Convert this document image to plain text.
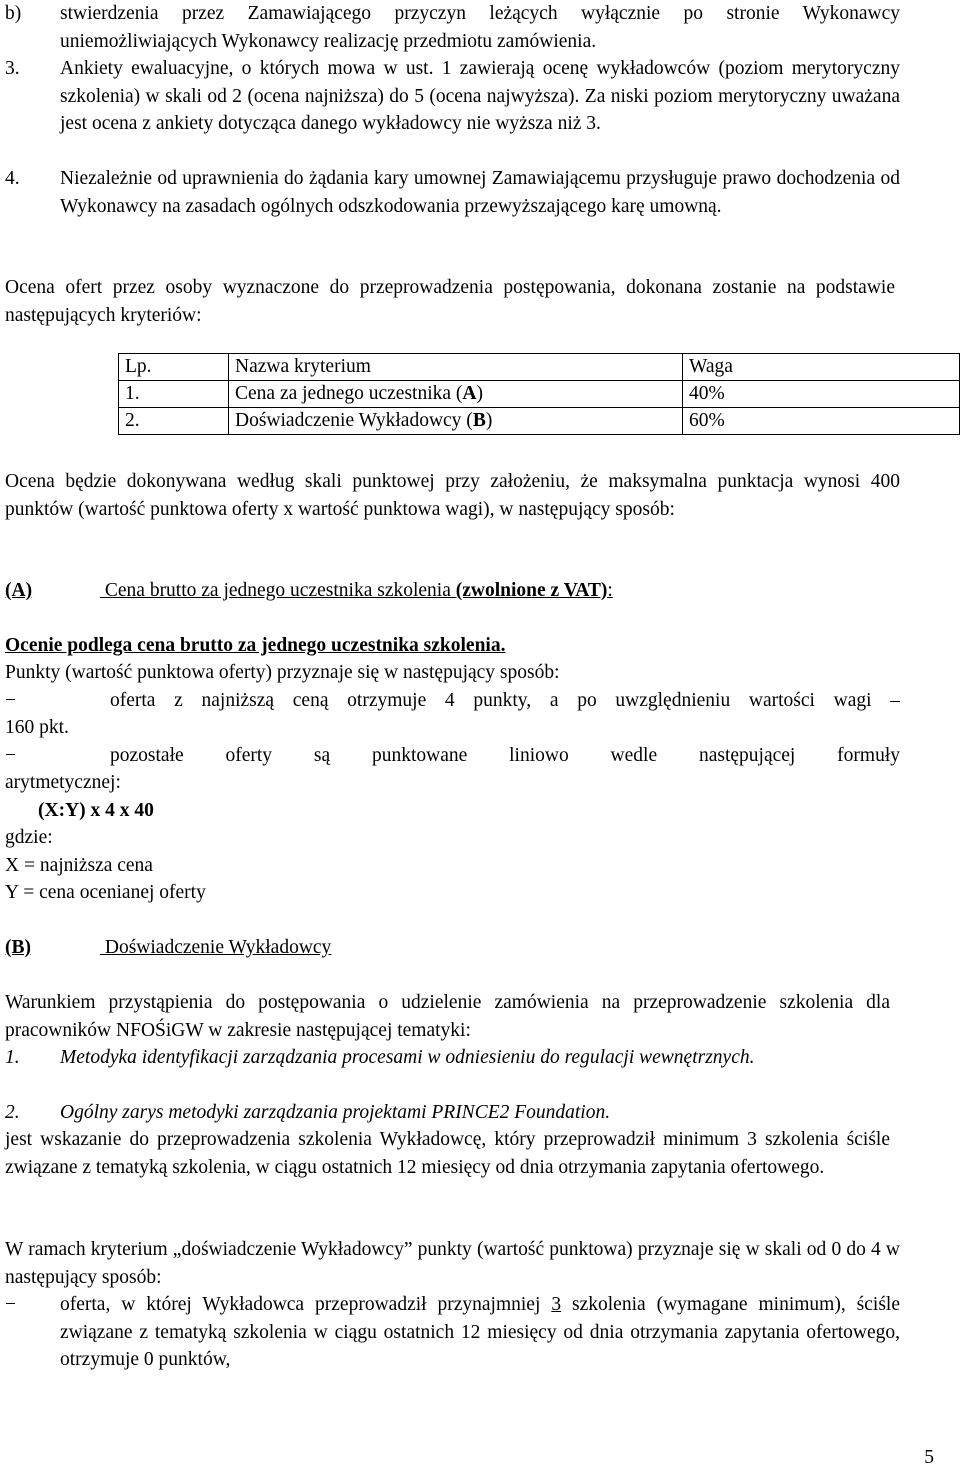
b) stwierdzenia przez Zamawiającego przyczyn leżących wyłącznie po stronie Wykonawcy uniemożliwiających Wykonawcy realizację przedmiotu zamówienia.
3. Ankiety ewaluacyjne, o których mowa w ust. 1 zawierają ocenę wykładowców (poziom merytoryczny szkolenia) w skali od 2 (ocena najniższa) do 5 (ocena najwyższa). Za niski poziom merytoryczny uważana jest ocena z ankiety dotycząca danego wykładowcy nie wyższa niż 3.
4. Niezależnie od uprawnienia do żądania kary umownej Zamawiającemu przysługuje prawo dochodzenia od Wykonawcy na zasadach ogólnych odszkodowania przewyższającego karę umowną.
Ocena ofert przez osoby wyznaczone do przeprowadzenia postępowania, dokonana zostanie na podstawie następujących kryteriów:
Lp.	Nazwa kryterium	Waga
1.	Cena za jednego uczestnika (A)	40%
2.	Doświadczenie Wykładowcy (B)	60%
Ocena będzie dokonywana według skali punktowej przy założeniu, że maksymalna punktacja wynosi 400 punktów (wartość punktowa oferty x wartość punktowa wagi), w następujący sposób:
(A)	Cena brutto za jednego uczestnika szkolenia (zwolnione z VAT):
Ocenie podlega cena brutto za jednego uczestnika szkolenia.
Punkty (wartość punktowa oferty) przyznaje się w następujący sposób:
−	oferta z najniższą ceną otrzymuje 4 punkty, a po uwzględnieniu wartości wagi –
160 pkt.
−	pozostałe oferty są punktowane liniowo wedle następującej formuły
arytmetycznej:
(X:Y) x 4 x 40
gdzie:
X = najniższa cena
Y = cena ocenianej oferty
(B)	Doświadczenie Wykładowcy
Warunkiem przystąpienia do postępowania o udzielenie zamówienia na przeprowadzenie szkolenia dla pracowników NFOŚiGW w zakresie następującej tematyki:
1. Metodyka identyfikacji zarządzania procesami w odniesieniu do regulacji wewnętrznych.
2. Ogólny zarys metodyki zarządzania projektami PRINCE2 Foundation.
jest wskazanie do przeprowadzenia szkolenia Wykładowcę, który przeprowadził minimum 3 szkolenia ściśle związane z tematyką szkolenia, w ciągu ostatnich 12 miesięcy od dnia otrzymania zapytania ofertowego.
W ramach kryterium „doświadczenie Wykładowcy” punkty (wartość punktowa) przyznaje się w skali od 0 do 4 w następujący sposób:
− oferta, w której Wykładowca przeprowadził przynajmniej 3 szkolenia (wymagane minimum), ściśle związane z tematyką szkolenia w ciągu ostatnich 12 miesięcy od dnia otrzymania zapytania ofertowego, otrzymuje 0 punktów,
5
